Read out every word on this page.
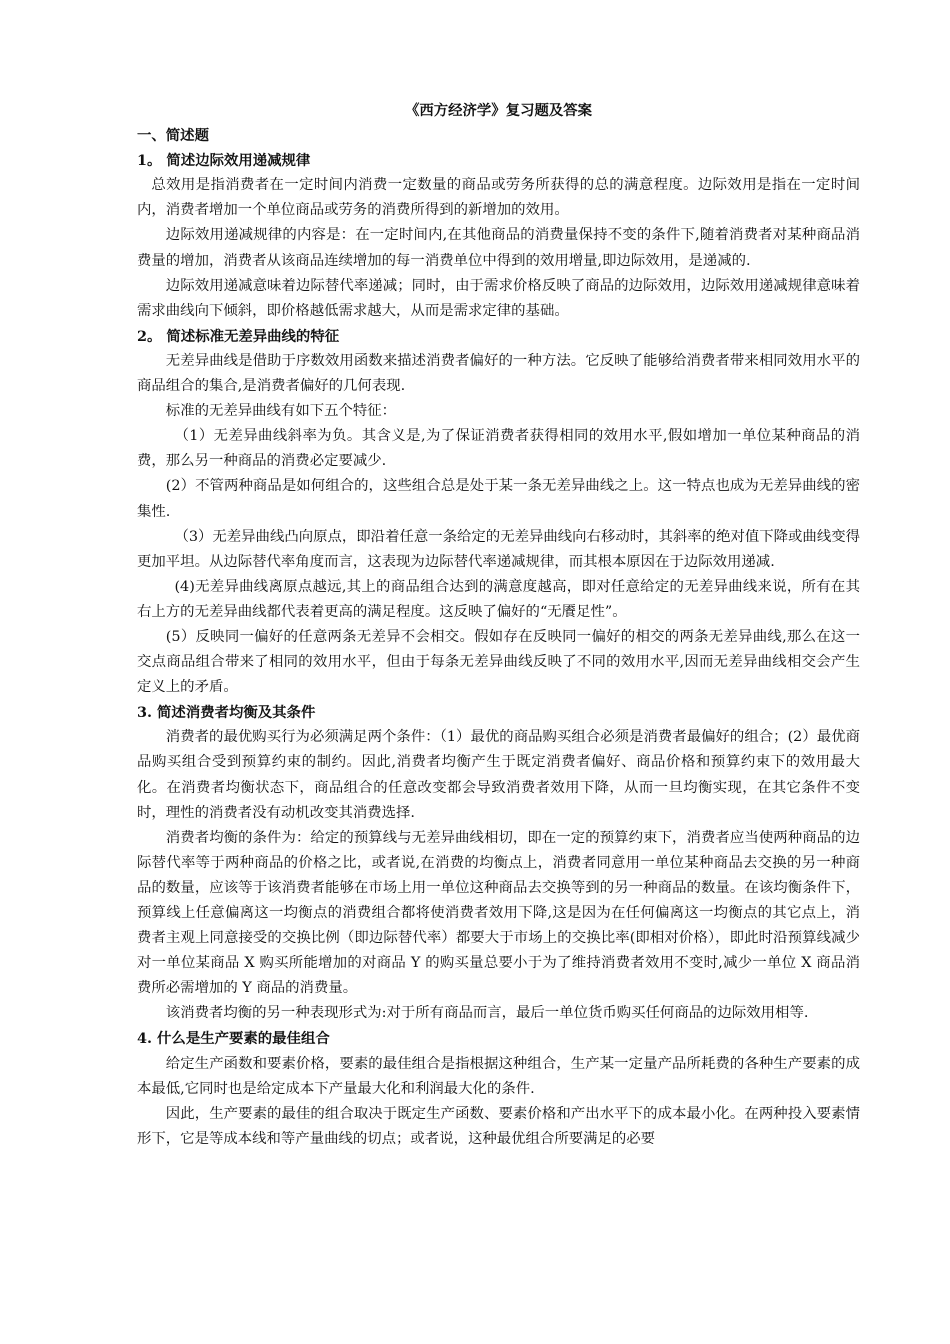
《西方经济学》复习题及答案

一、简述题

1。 简述边际效用递减规律

总效用是指消费者在一定时间内消费一定数量的商品或劳务所获得的总的满意程度。边际效用是指在一定时间内，消费者增加一个单位商品或劳务的消费所得到的新增加的效用。

边际效用递减规律的内容是：在一定时间内,在其他商品的消费量保持不变的条件下,随着消费者对某种商品消费量的增加，消费者从该商品连续增加的每一消费单位中得到的效用增量,即边际效用，是递减的.

边际效用递减意味着边际替代率递减；同时，由于需求价格反映了商品的边际效用，边际效用递减规律意味着需求曲线向下倾斜，即价格越低需求越大，从而是需求定律的基础。

2。 简述标准无差异曲线的特征

无差异曲线是借助于序数效用函数来描述消费者偏好的一种方法。它反映了能够给消费者带来相同效用水平的商品组合的集合,是消费者偏好的几何表现.

标准的无差异曲线有如下五个特征：

（1）无差异曲线斜率为负。其含义是,为了保证消费者获得相同的效用水平,假如增加一单位某种商品的消费，那么另一种商品的消费必定要减少.

(2）不管两种商品是如何组合的，这些组合总是处于某一条无差异曲线之上。这一特点也成为无差异曲线的密集性.

（3）无差异曲线凸向原点，即沿着任意一条给定的无差异曲线向右移动时，其斜率的绝对值下降或曲线变得更加平坦。从边际替代率角度而言，这表现为边际替代率递减规律，而其根本原因在于边际效用递减.

(4)无差异曲线离原点越远,其上的商品组合达到的满意度越高，即对任意给定的无差异曲线来说，所有在其右上方的无差异曲线都代表着更高的满足程度。这反映了偏好的“无餍足性”。

(5）反映同一偏好的任意两条无差异不会相交。假如存在反映同一偏好的相交的两条无差异曲线,那么在这一交点商品组合带来了相同的效用水平，但由于每条无差异曲线反映了不同的效用水平,因而无差异曲线相交会产生定义上的矛盾。

3. 简述消费者均衡及其条件

消费者的最优购买行为必须满足两个条件：（1）最优的商品购买组合必须是消费者最偏好的组合；(2）最优商品购买组合受到预算约束的制约。因此,消费者均衡产生于既定消费者偏好、商品价格和预算约束下的效用最大化。在消费者均衡状态下，商品组合的任意改变都会导致消费者效用下降，从而一旦均衡实现，在其它条件不变时，理性的消费者没有动机改变其消费选择.

消费者均衡的条件为：给定的预算线与无差异曲线相切，即在一定的预算约束下，消费者应当使两种商品的边际替代率等于两种商品的价格之比，或者说,在消费的均衡点上，消费者同意用一单位某种商品去交换的另一种商品的数量，应该等于该消费者能够在市场上用一单位这种商品去交换等到的另一种商品的数量。在该均衡条件下，预算线上任意偏离这一均衡点的消费组合都将使消费者效用下降,这是因为在任何偏离这一均衡点的其它点上，消费者主观上同意接受的交换比例（即边际替代率）都要大于市场上的交换比率(即相对价格），即此时沿预算线减少对一单位某商品 X 购买所能增加的对商品 Y 的购买量总要小于为了维持消费者效用不变时,减少一单位 X 商品消费所必需增加的 Y 商品的消费量。

该消费者均衡的另一种表现形式为:对于所有商品而言，最后一单位货币购买任何商品的边际效用相等.

4. 什么是生产要素的最佳组合

给定生产函数和要素价格，要素的最佳组合是指根据这种组合，生产某一定量产品所耗费的各种生产要素的成本最低,它同时也是给定成本下产量最大化和利润最大化的条件.

因此，生产要素的最佳的组合取决于既定生产函数、要素价格和产出水平下的成本最小化。在两种投入要素情形下，它是等成本线和等产量曲线的切点；或者说，这种最优组合所要满足的必要
